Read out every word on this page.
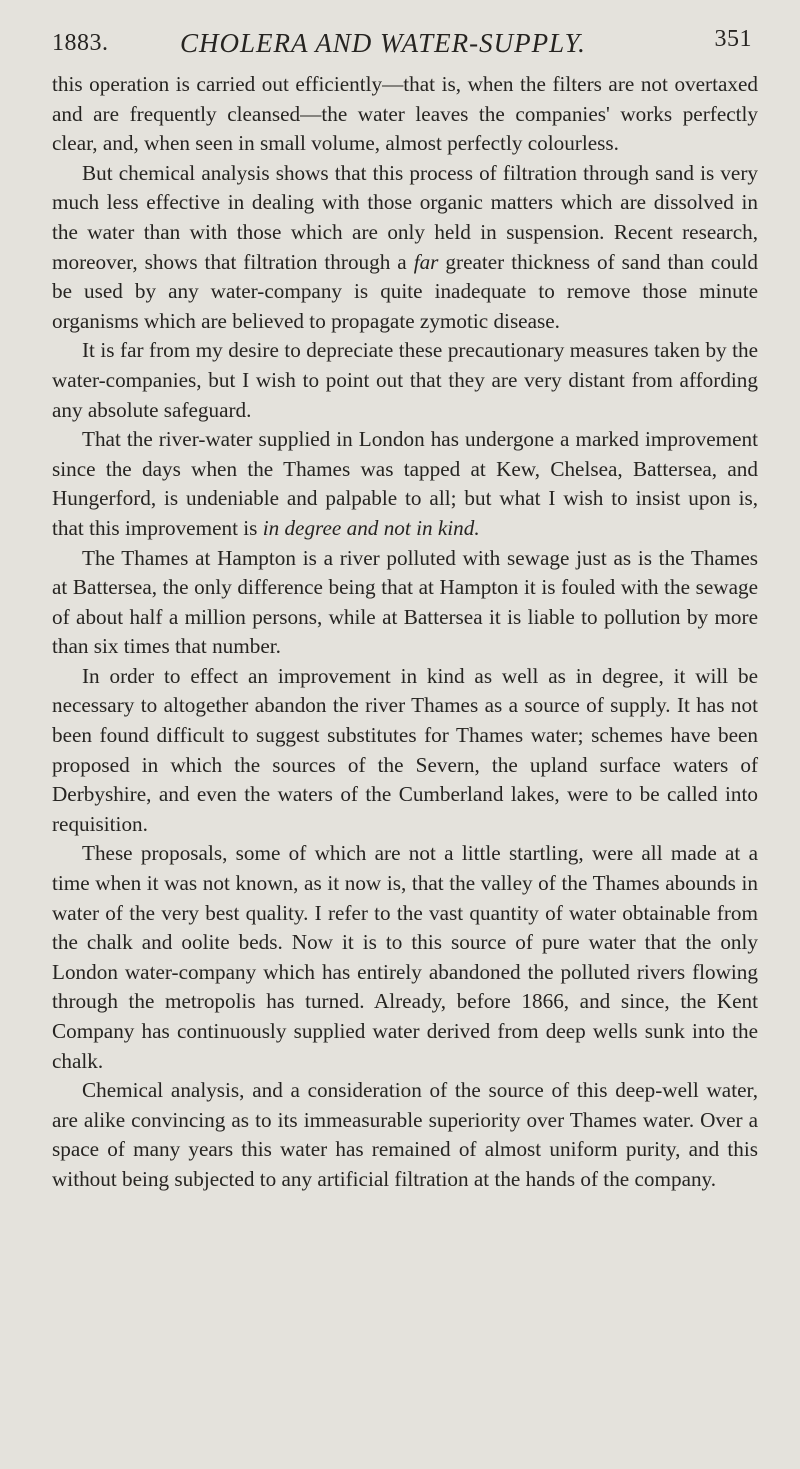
1883.	CHOLERA AND WATER-SUPPLY.	351

this operation is carried out efficiently—that is, when the filters are not overtaxed and are frequently cleansed—the water leaves the companies' works perfectly clear, and, when seen in small volume, almost perfectly colourless.

But chemical analysis shows that this process of filtration through sand is very much less effective in dealing with those organic matters which are dissolved in the water than with those which are only held in suspension. Recent research, moreover, shows that filtration through a far greater thickness of sand than could be used by any water-company is quite inadequate to remove those minute organisms which are believed to propagate zymotic disease.

It is far from my desire to depreciate these precautionary measures taken by the water-companies, but I wish to point out that they are very distant from affording any absolute safeguard.

That the river-water supplied in London has undergone a marked improvement since the days when the Thames was tapped at Kew, Chelsea, Battersea, and Hungerford, is undeniable and palpable to all; but what I wish to insist upon is, that this improvement is in degree and not in kind.

The Thames at Hampton is a river polluted with sewage just as is the Thames at Battersea, the only difference being that at Hampton it is fouled with the sewage of about half a million persons, while at Battersea it is liable to pollution by more than six times that number.

In order to effect an improvement in kind as well as in degree, it will be necessary to altogether abandon the river Thames as a source of supply. It has not been found difficult to suggest substitutes for Thames water; schemes have been proposed in which the sources of the Severn, the upland surface waters of Derbyshire, and even the waters of the Cumberland lakes, were to be called into requisition.

These proposals, some of which are not a little startling, were all made at a time when it was not known, as it now is, that the valley of the Thames abounds in water of the very best quality. I refer to the vast quantity of water obtainable from the chalk and oolite beds. Now it is to this source of pure water that the only London water-company which has entirely abandoned the polluted rivers flowing through the metropolis has turned. Already, before 1866, and since, the Kent Company has continuously supplied water derived from deep wells sunk into the chalk.

Chemical analysis, and a consideration of the source of this deep-well water, are alike convincing as to its immeasurable superiority over Thames water. Over a space of many years this water has remained of almost uniform purity, and this without being subjected to any artificial filtration at the hands of the company.
